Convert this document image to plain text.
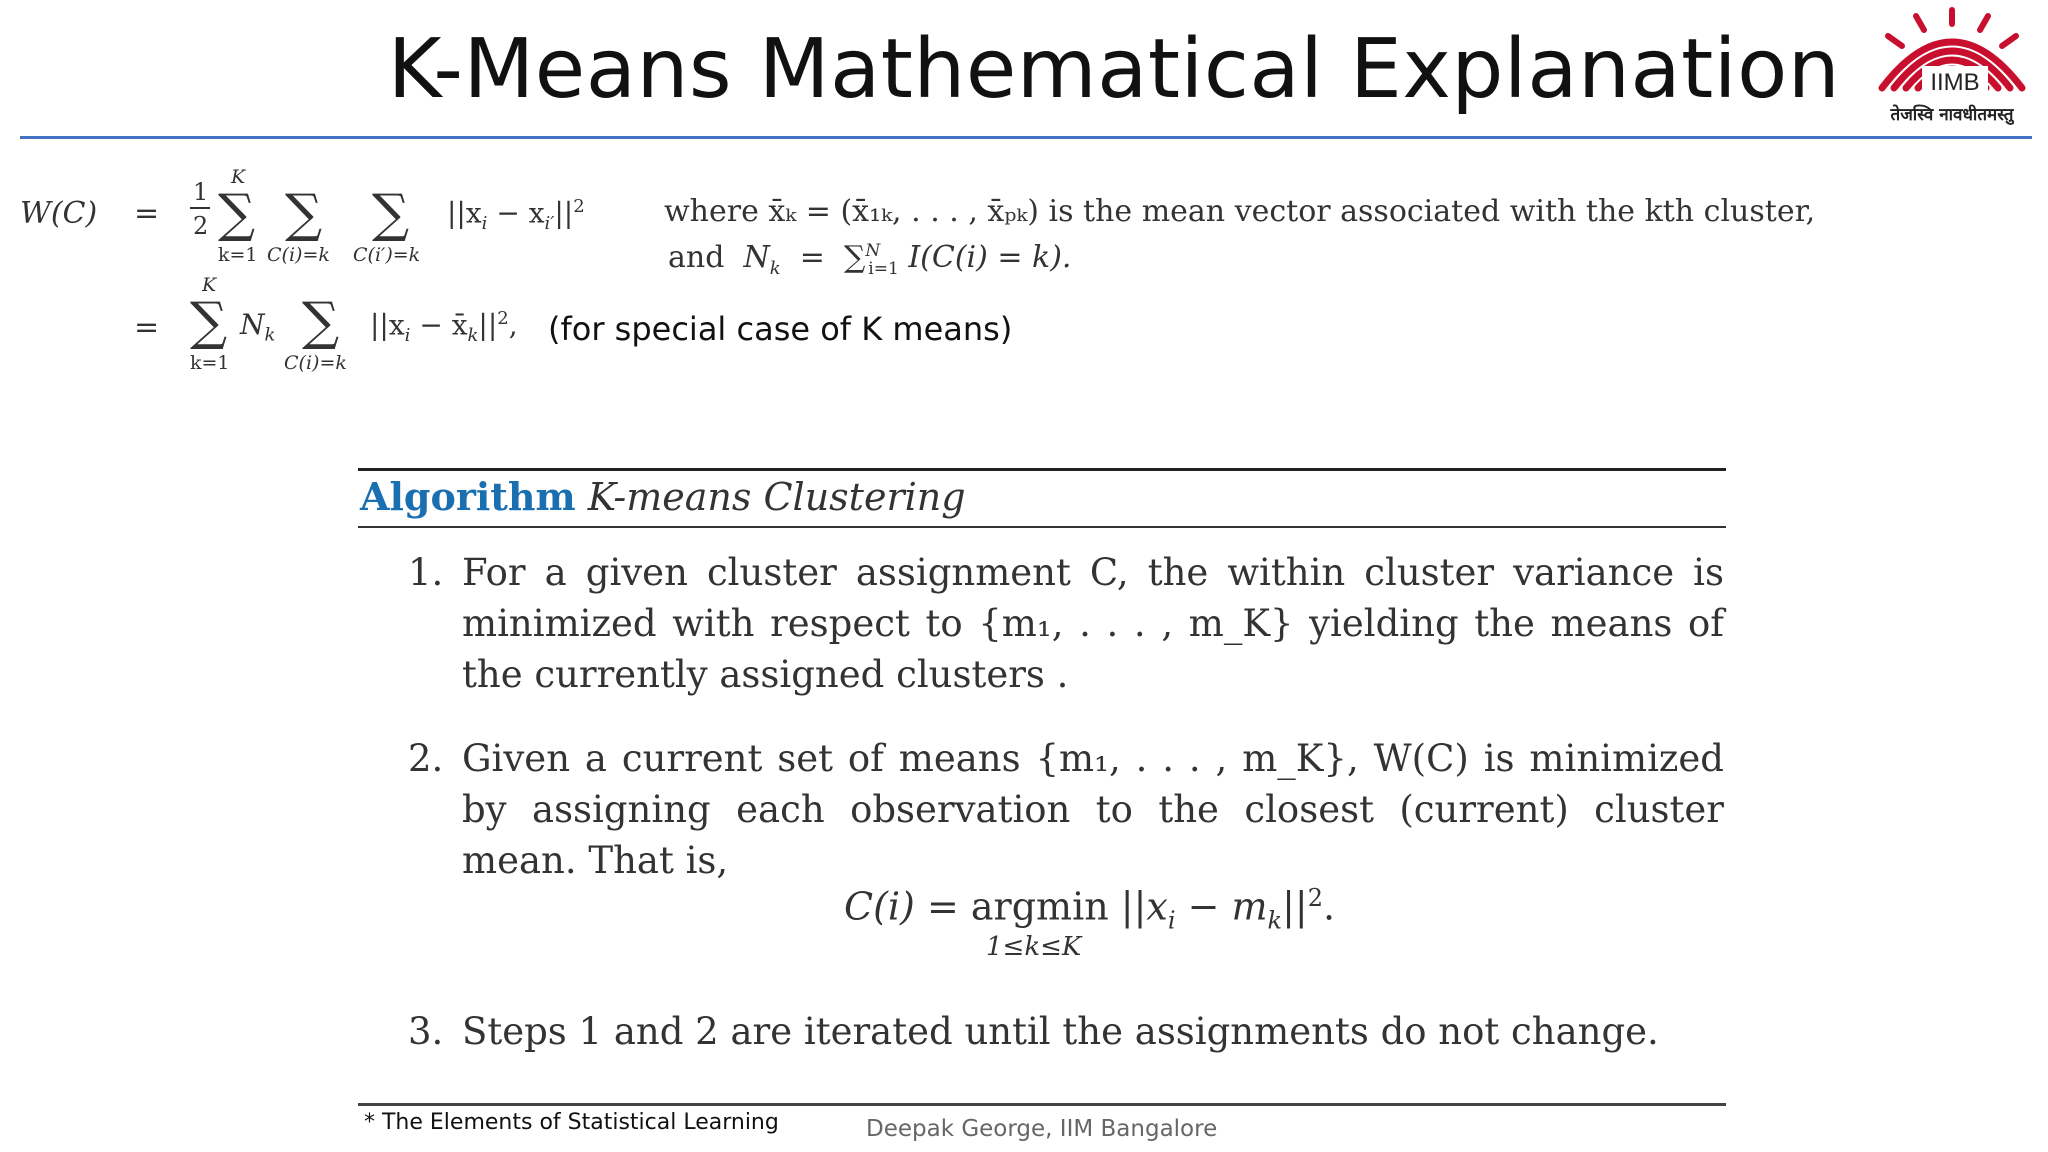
K-Means Mathematical Explanation	IIMB
तेजस्वि नावधीतमस्तु
W(C) =
1
2
K
∑
k=1
∑
C(i)=k
∑
C(i′)=k
$||x_i - x_{i'}||^2$	where x̄ₖ = (x̄₁ₖ, . . . , x̄ₚₖ) is the mean vector associated with the kth cluster,
and $N_k = \sum^N_{i=1}$ I(C(i) = k).
=
K
∑
k=1
$N_k$ ∑
C(i)=k
$||x_i$ − $x̄_k||^2$, (for special case of K means)
Algorithm K-means Clustering
1. For a given cluster assignment C, the within cluster variance is minimized with respect to {m₁, . . . , m_K} yielding the means of the currently assigned clusters .
2. Given a current set of means {m₁, . . . , m_K}, W(C) is minimized by assigning each observation to the closest (current) cluster mean. That is,
C(i) = argmin $||x_i - m_k||^2$.
1≤k≤K
3. Steps 1 and 2 are iterated until the assignments do not change.
* The Elements of Statistical Learning	Deepak George, IIM Bangalore
